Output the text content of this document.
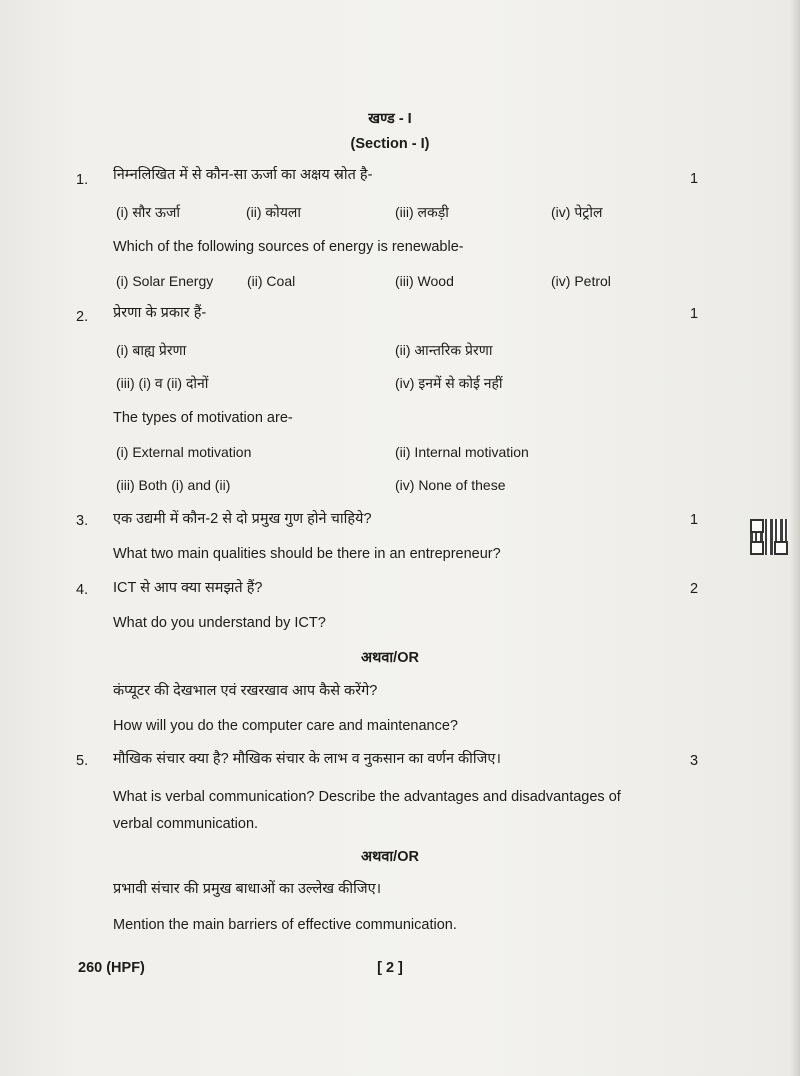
खण्ड - I
(Section - I)
1. निम्नलिखित में से कौन-सा ऊर्जा का अक्षय स्रोत है-	1
(i) सौर ऊर्जा	(ii) कोयला	(iii) लकड़ी	(iv) पेट्रोल
Which of the following sources of energy is renewable-
(i) Solar Energy (ii) Coal	(iii) Wood	(iv) Petrol
2. प्रेरणा के प्रकार हैं-	1
(i) बाह्य प्रेरणा	(ii) आन्तरिक प्रेरणा
(iii) (i) व (ii) दोनों	(iv) इनमें से कोई नहीं
The types of motivation are-
(i) External motivation	(ii) Internal motivation
(iii) Both (i) and (ii)	(iv) None of these
3. एक उद्यमी में कौन-2 से दो प्रमुख गुण होने चाहिये?	1
What two main qualities should be there in an entrepreneur?
4. ICT से आप क्या समझते हैं?	2
What do you understand by ICT?
अथवा/OR
कंप्यूटर की देखभाल एवं रखरखाव आप कैसे करेंगे?
How will you do the computer care and maintenance?
5. मौखिक संचार क्या है? मौखिक संचार के लाभ व नुकसान का वर्णन कीजिए।	3
What is verbal communication? Describe the advantages and disadvantages of
verbal communication.
अथवा/OR
प्रभावी संचार की प्रमुख बाधाओं का उल्लेख कीजिए।
Mention the main barriers of effective communication.
260 (HPF)	[ 2 ]
